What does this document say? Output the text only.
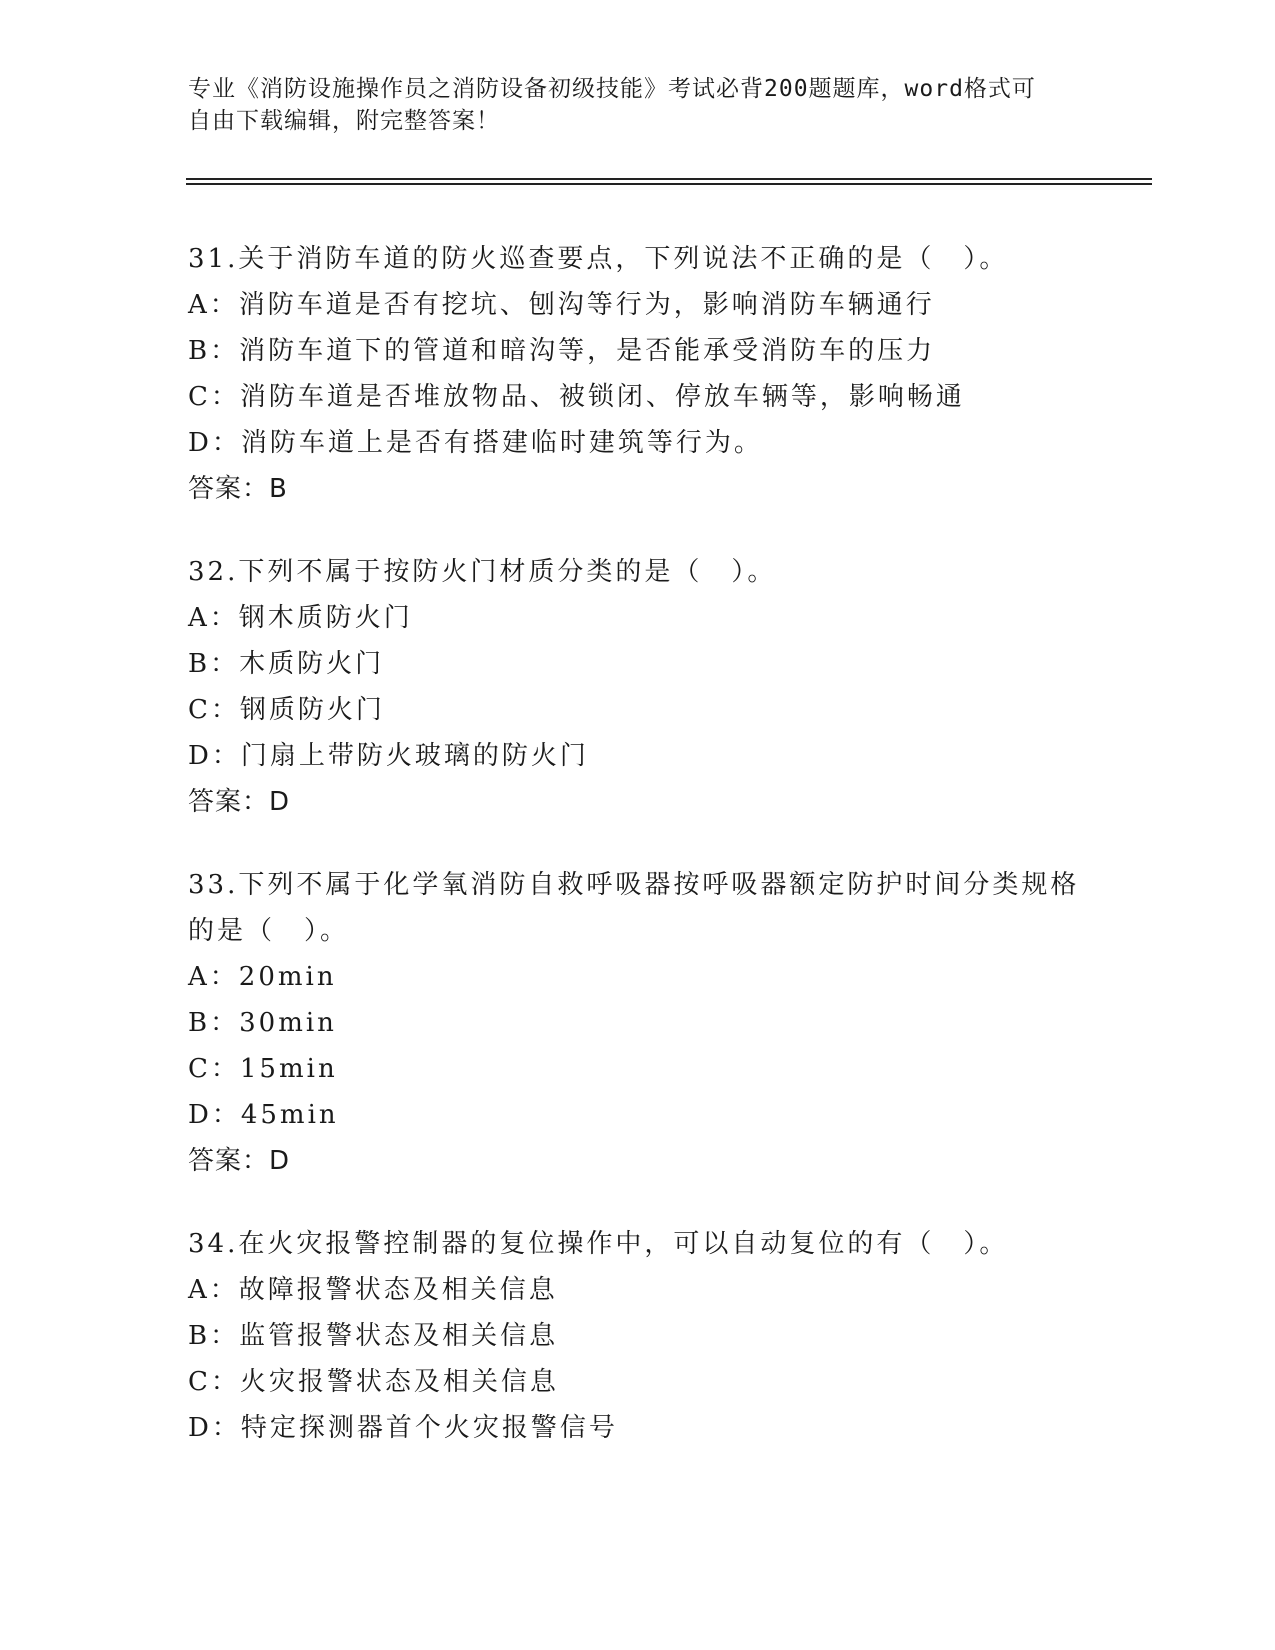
专业《消防设施操作员之消防设备初级技能》考试必背200题题库，word格式可
自由下载编辑，附完整答案！
31.关于消防车道的防火巡查要点，下列说法不正确的是（　）。
A：消防车道是否有挖坑、刨沟等行为，影响消防车辆通行
B：消防车道下的管道和暗沟等，是否能承受消防车的压力
C：消防车道是否堆放物品、被锁闭、停放车辆等，影响畅通
D：消防车道上是否有搭建临时建筑等行为。
答案：B
32.下列不属于按防火门材质分类的是（　）。
A：钢木质防火门
B：木质防火门
C：钢质防火门
D：门扇上带防火玻璃的防火门
答案：D
33.下列不属于化学氧消防自救呼吸器按呼吸器额定防护时间分类规格
的是（　）。
A：20min
B：30min
C：15min
D：45min
答案：D
34.在火灾报警控制器的复位操作中，可以自动复位的有（　）。
A：故障报警状态及相关信息
B：监管报警状态及相关信息
C：火灾报警状态及相关信息
D：特定探测器首个火灾报警信号
